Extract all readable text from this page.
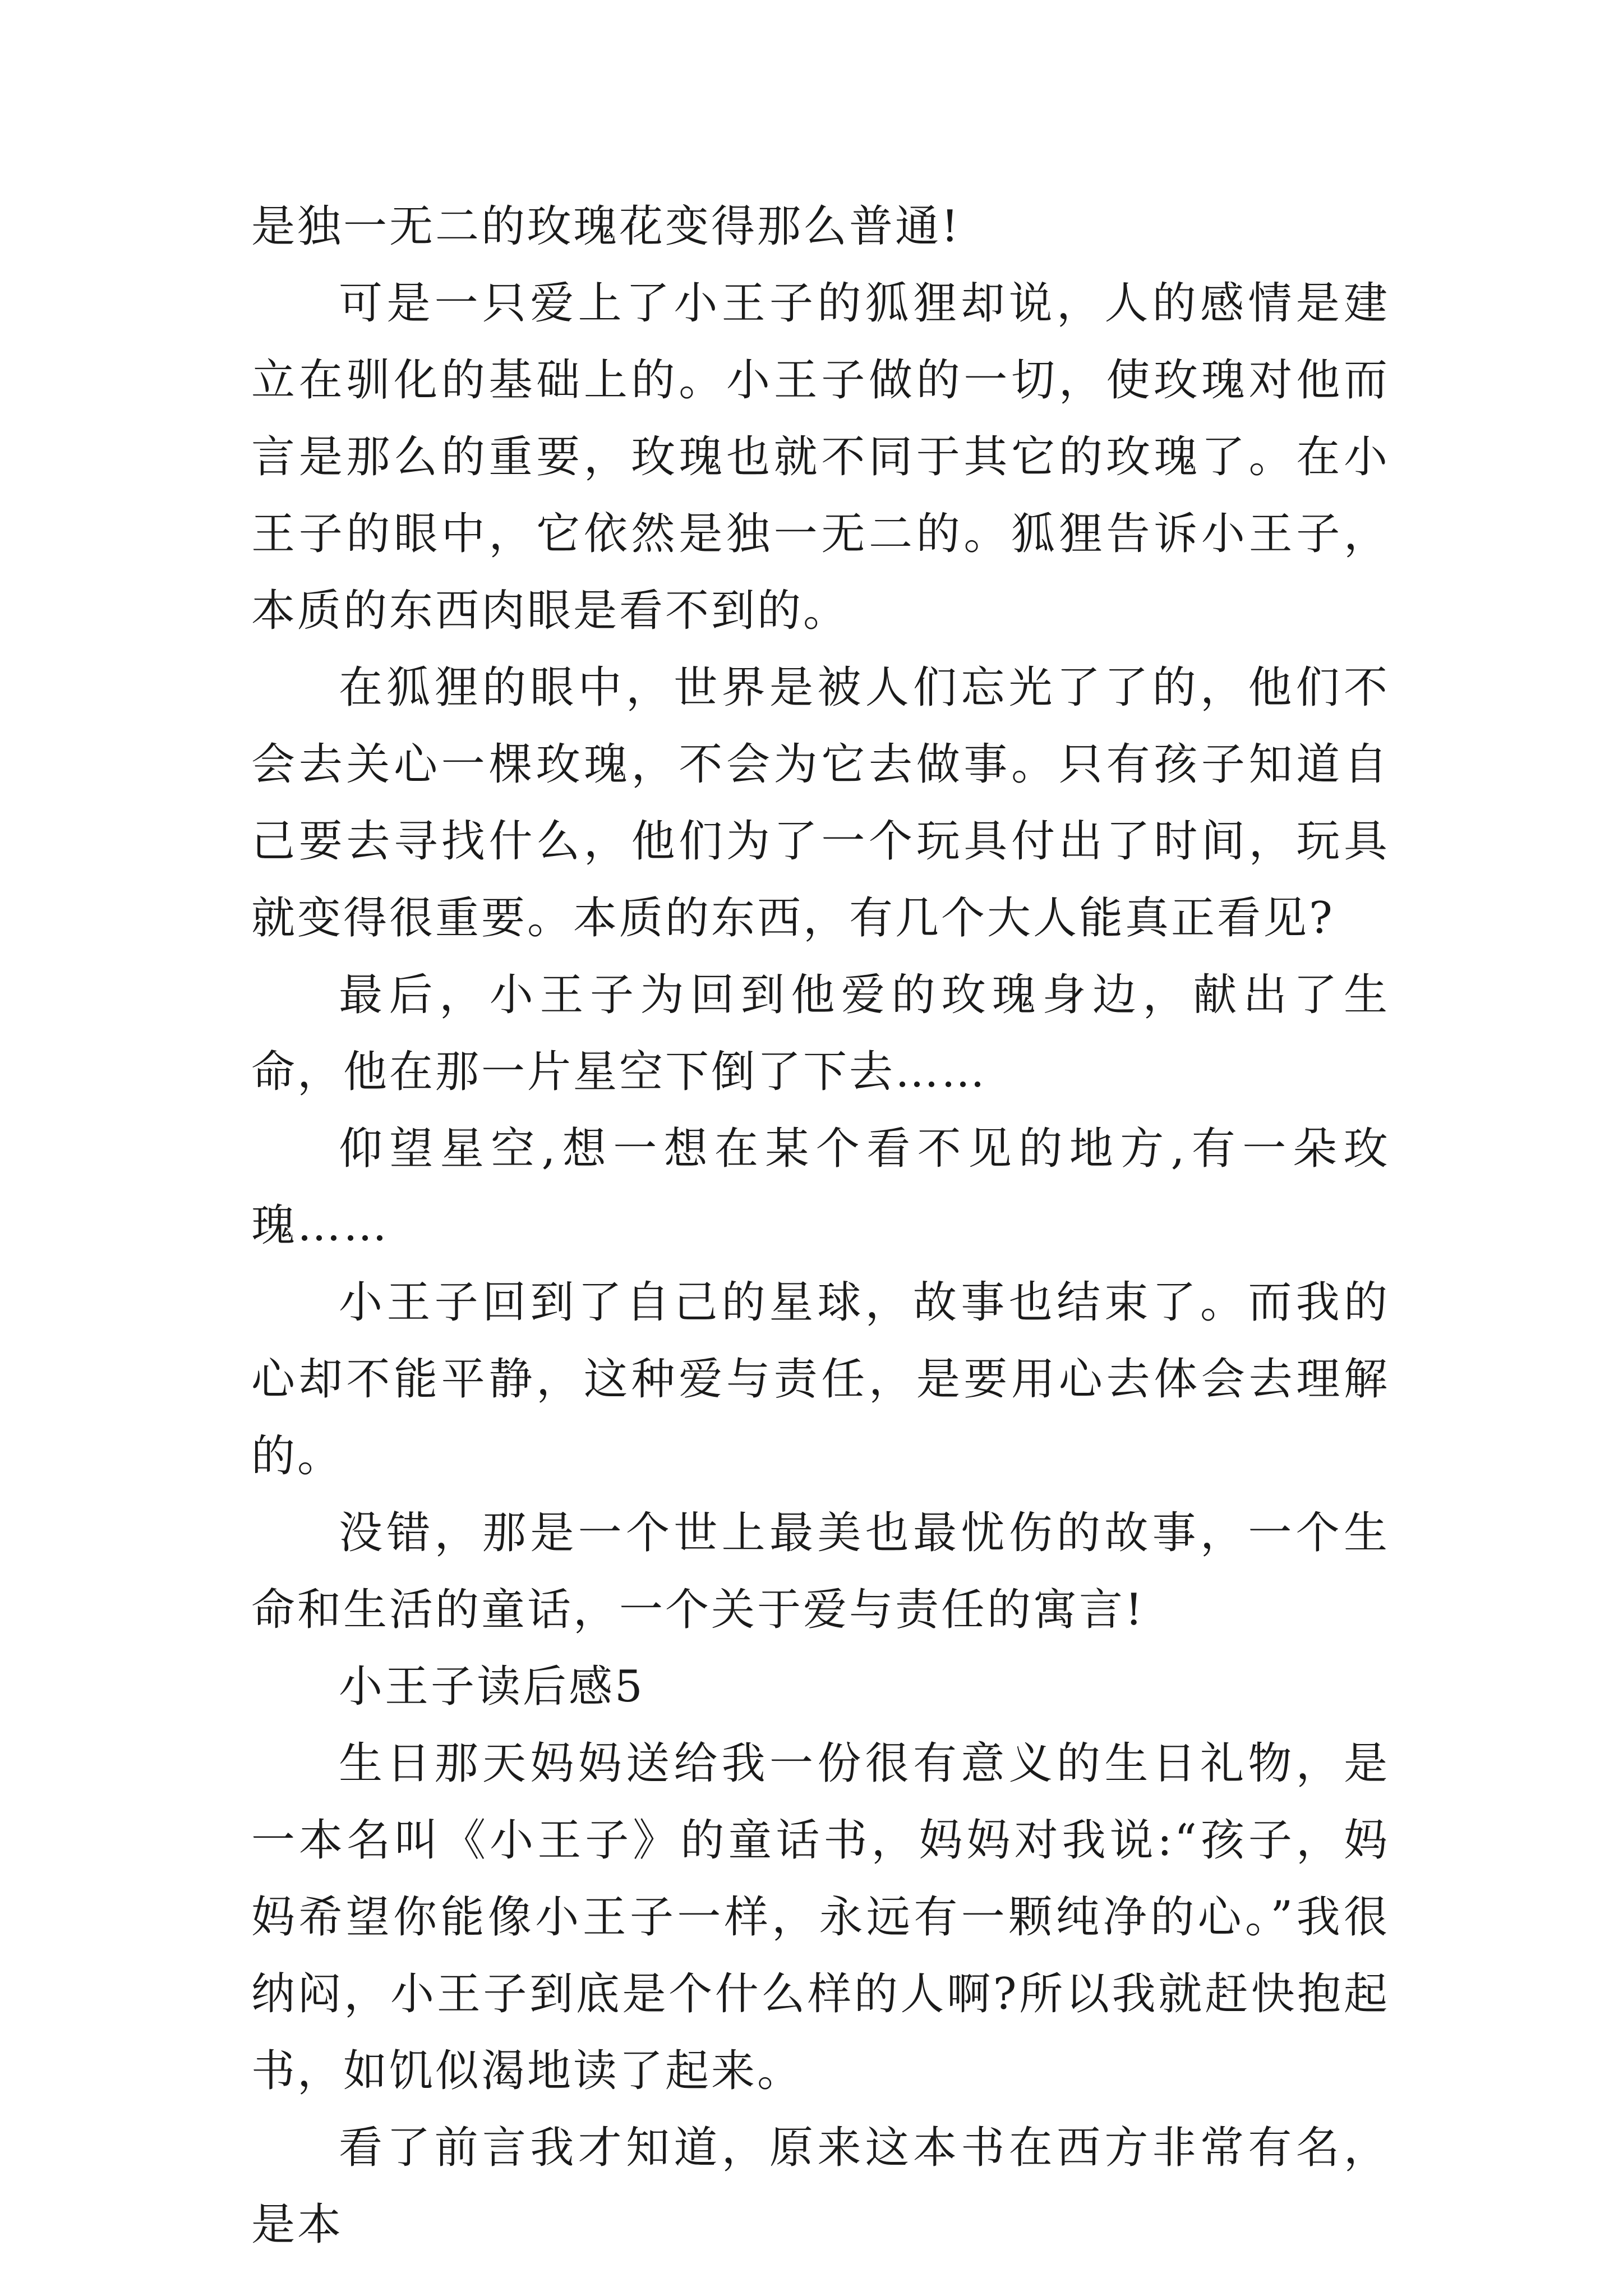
是独一无二的玫瑰花变得那么普通!

可是一只爱上了小王子的狐狸却说，人的感情是建立在驯化的基础上的。小王子做的一切，使玫瑰对他而言是那么的重要，玫瑰也就不同于其它的玫瑰了。在小王子的眼中，它依然是独一无二的。狐狸告诉小王子，本质的东西肉眼是看不到的。

在狐狸的眼中，世界是被人们忘光了了的，他们不会去关心一棵玫瑰，不会为它去做事。只有孩子知道自己要去寻找什么，他们为了一个玩具付出了时间，玩具就变得很重要。本质的东西，有几个大人能真正看见?

最后，小王子为回到他爱的玫瑰身边，献出了生命，他在那一片星空下倒了下去……

仰望星空,想一想在某个看不见的地方,有一朵玫瑰……

小王子回到了自己的星球，故事也结束了。而我的心却不能平静，这种爱与责任，是要用心去体会去理解的。

没错，那是一个世上最美也最忧伤的故事，一个生命和生活的童话，一个关于爱与责任的寓言!

小王子读后感5

生日那天妈妈送给我一份很有意义的生日礼物，是一本名叫《小王子》的童话书，妈妈对我说:“孩子，妈妈希望你能像小王子一样，永远有一颗纯净的心。”我很纳闷，小王子到底是个什么样的人啊?所以我就赶快抱起书，如饥似渴地读了起来。

看了前言我才知道，原来这本书在西方非常有名，是本
